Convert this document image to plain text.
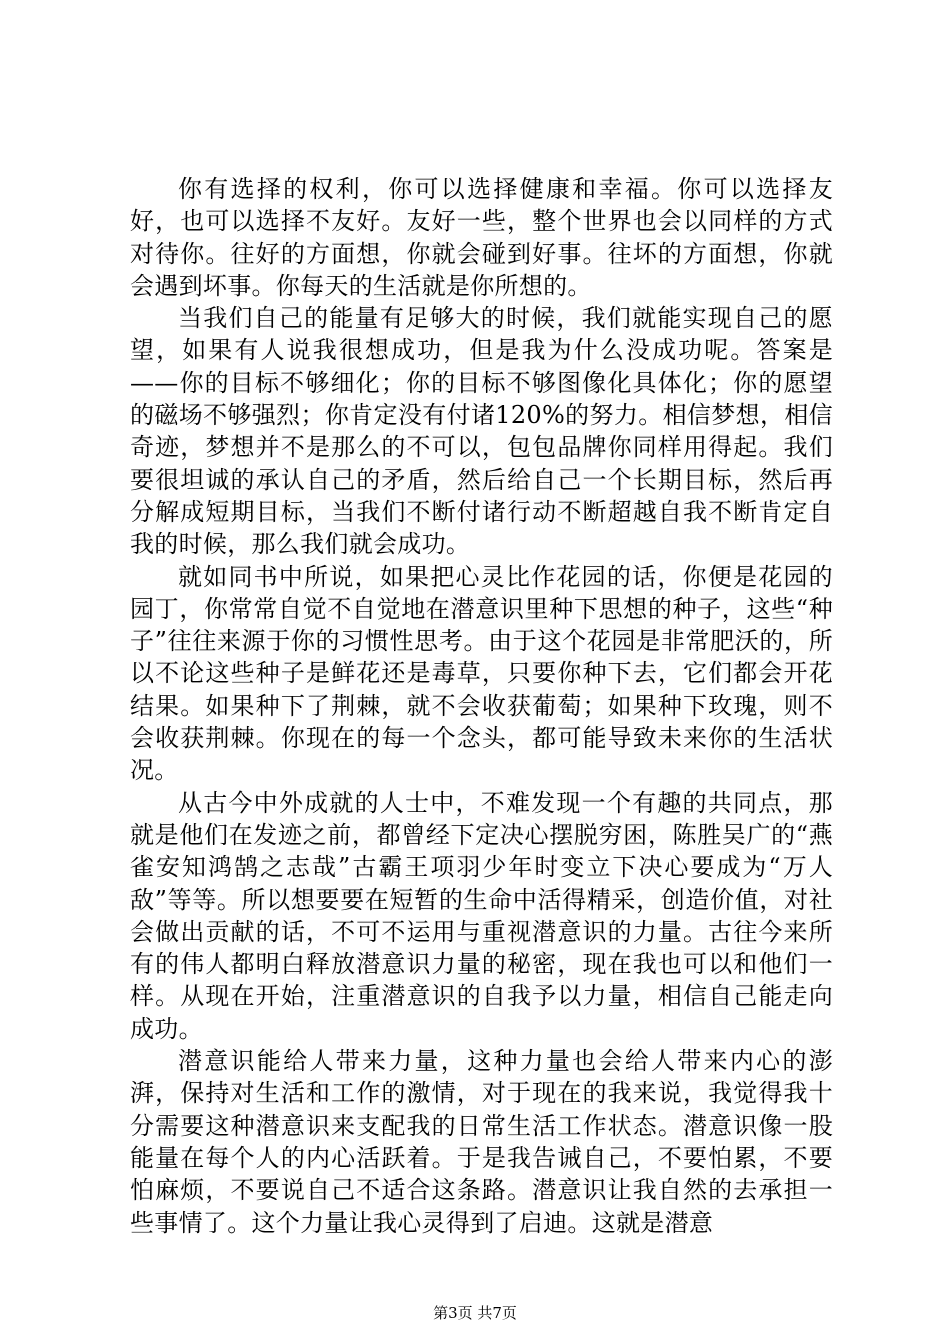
你有选择的权利，你可以选择健康和幸福。你可以选择友好，也可以选择不友好。友好一些，整个世界也会以同样的方式对待你。往好的方面想，你就会碰到好事。往坏的方面想，你就会遇到坏事。你每天的生活就是你所想的。

当我们自己的能量有足够大的时候，我们就能实现自己的愿望，如果有人说我很想成功，但是我为什么没成功呢。答案是——你的目标不够细化；你的目标不够图像化具体化；你的愿望的磁场不够强烈；你肯定没有付诸120%的努力。相信梦想，相信奇迹，梦想并不是那么的不可以，包包品牌你同样用得起。我们要很坦诚的承认自己的矛盾，然后给自己一个长期目标，然后再分解成短期目标，当我们不断付诸行动不断超越自我不断肯定自我的时候，那么我们就会成功。

就如同书中所说，如果把心灵比作花园的话，你便是花园的园丁，你常常自觉不自觉地在潜意识里种下思想的种子，这些“种子”往往来源于你的习惯性思考。由于这个花园是非常肥沃的，所以不论这些种子是鲜花还是毒草，只要你种下去，它们都会开花结果。如果种下了荆棘，就不会收获葡萄；如果种下玫瑰，则不会收获荆棘。你现在的每一个念头，都可能导致未来你的生活状况。

从古今中外成就的人士中，不难发现一个有趣的共同点，那就是他们在发迹之前，都曾经下定决心摆脱穷困，陈胜吴广的“燕雀安知鸿鹄之志哉”古霸王项羽少年时变立下决心要成为“万人敌”等等。所以想要要在短暂的生命中活得精采，创造价值，对社会做出贡献的话，不可不运用与重视潜意识的力量。古往今来所有的伟人都明白释放潜意识力量的秘密，现在我也可以和他们一样。从现在开始，注重潜意识的自我予以力量，相信自己能走向成功。

潜意识能给人带来力量，这种力量也会给人带来内心的澎湃，保持对生活和工作的激情，对于现在的我来说，我觉得我十分需要这种潜意识来支配我的日常生活工作状态。潜意识像一股能量在每个人的内心活跃着。于是我告诫自己，不要怕累，不要怕麻烦，不要说自己不适合这条路。潜意识让我自然的去承担一些事情了。这个力量让我心灵得到了启迪。这就是潜意

第3页 共7页
